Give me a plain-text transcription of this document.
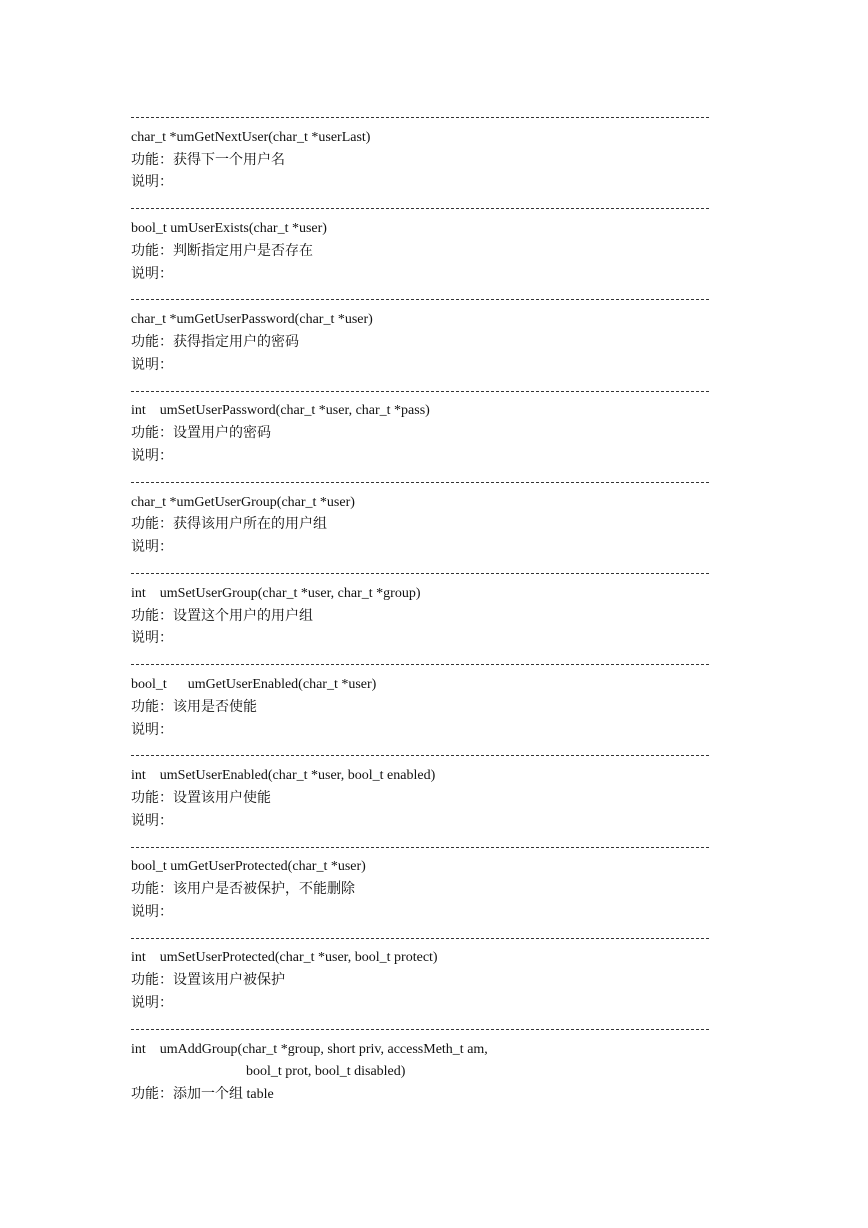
char_t *umGetNextUser(char_t *userLast)
功能：获得下一个用户名
说明：
bool_t umUserExists(char_t *user)
功能：判断指定用户是否存在
说明：
char_t *umGetUserPassword(char_t *user)
功能：获得指定用户的密码
说明：
int    umSetUserPassword(char_t *user, char_t *pass)
功能：设置用户的密码
说明：
char_t *umGetUserGroup(char_t *user)
功能：获得该用户所在的用户组
说明：
int    umSetUserGroup(char_t *user, char_t *group)
功能：设置这个用户的用户组
说明：
bool_t      umGetUserEnabled(char_t *user)
功能：该用是否使能
说明：
int    umSetUserEnabled(char_t *user, bool_t enabled)
功能：设置该用户使能
说明：
bool_t umGetUserProtected(char_t *user)
功能：该用户是否被保护，不能删除
说明：
int    umSetUserProtected(char_t *user, bool_t protect)
功能：设置该用户被保护
说明：
int    umAddGroup(char_t *group, short priv, accessMeth_t am,
bool_t prot, bool_t disabled)
功能：添加一个组 table
